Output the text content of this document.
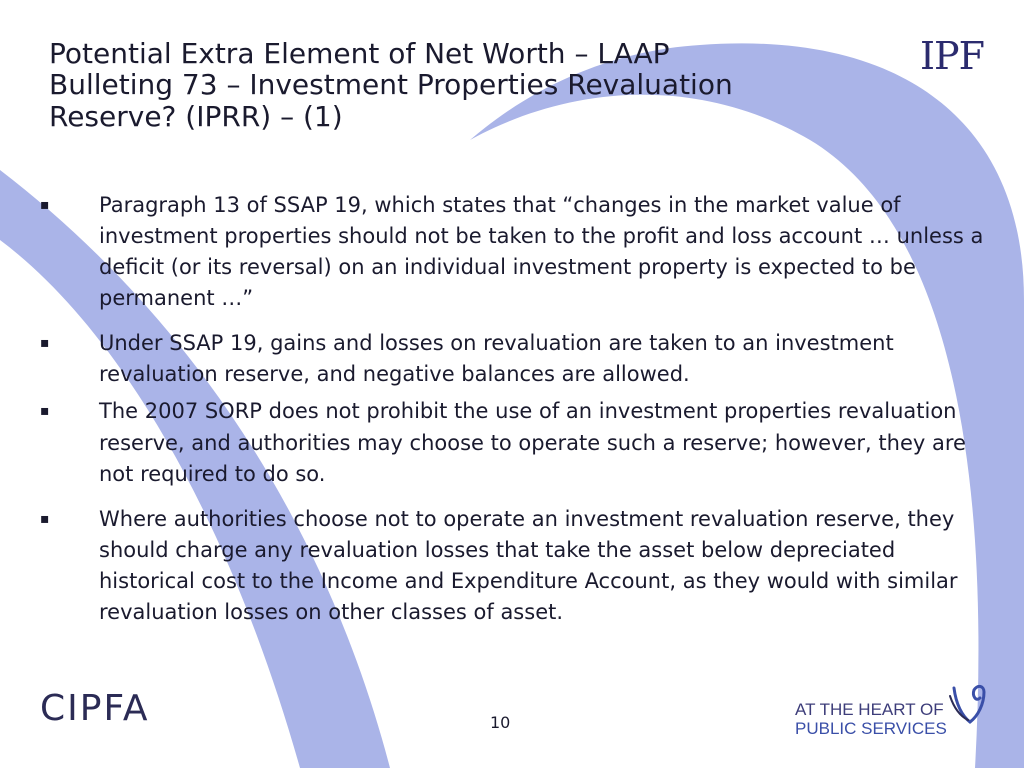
Potential Extra Element of Net Worth – LAAP
Bulleting 73 – Investment Properties Revaluation
Reserve? (IPRR) – (1)
IPF
▪ Paragraph 13 of SSAP 19, which states that “changes in the market value of investment properties should not be taken to the profit and loss account … unless a deficit (or its reversal) on an individual investment property is expected to be permanent …”
▪ Under SSAP 19, gains and losses on revaluation are taken to an investment revaluation reserve, and negative balances are allowed.
▪ The 2007 SORP does not prohibit the use of an investment properties revaluation reserve, and authorities may choose to operate such a reserve; however, they are not required to do so.
▪ Where authorities choose not to operate an investment revaluation reserve, they should charge any revaluation losses that take the asset below depreciated historical cost to the Income and Expenditure Account, as they would with similar revaluation losses on other classes of asset.
CIPFA	10
AT THE HEART OF
PUBLIC SERVICES
